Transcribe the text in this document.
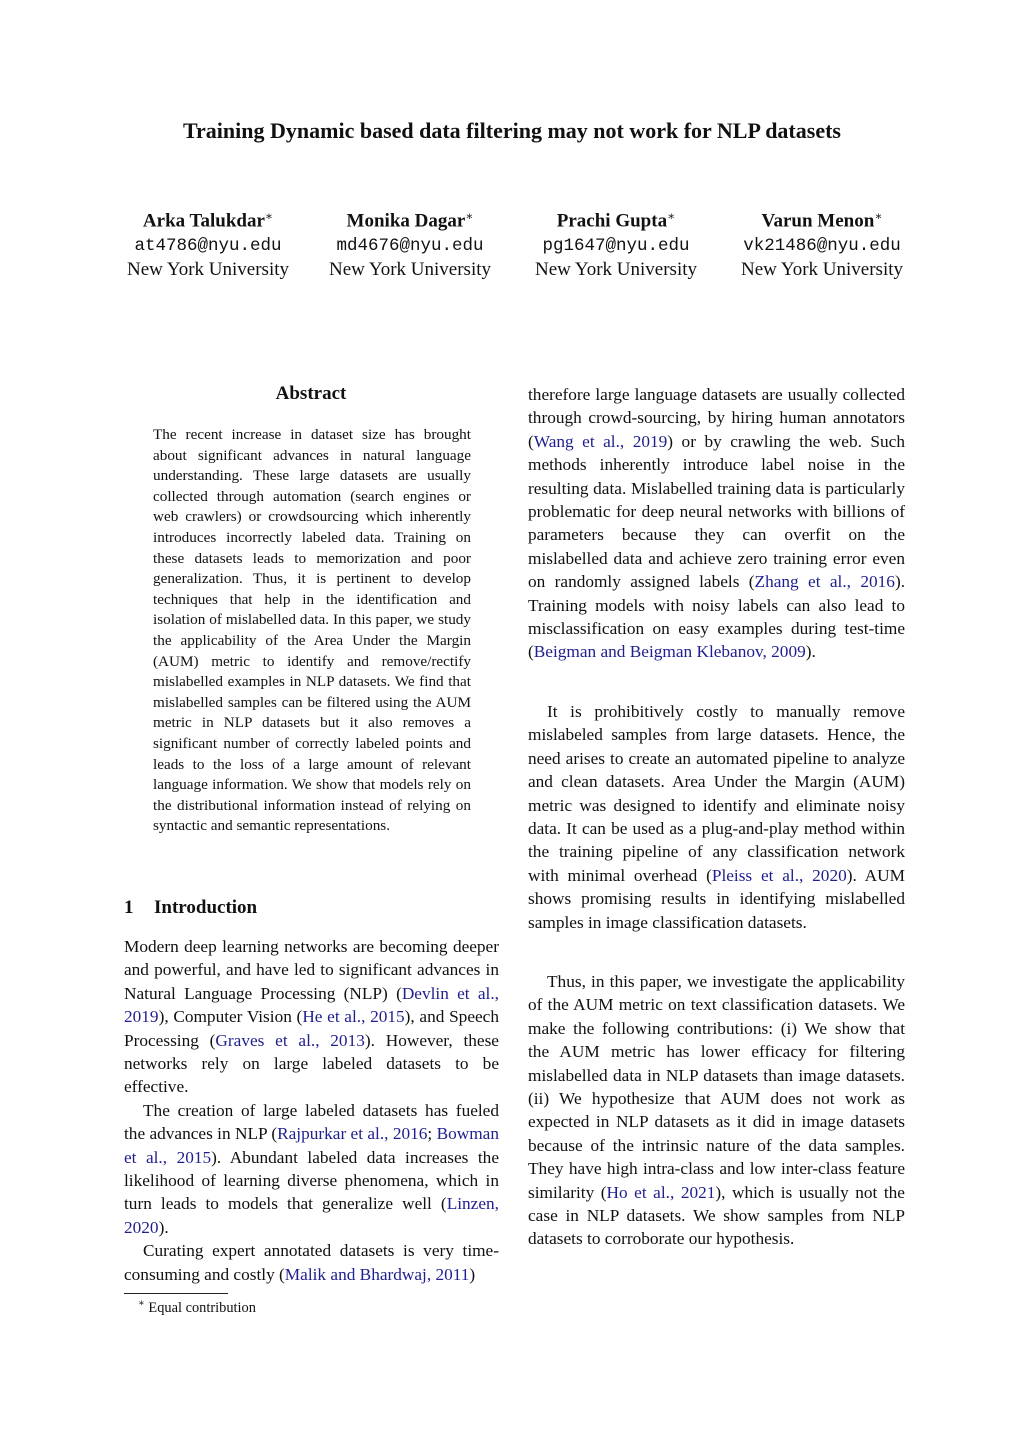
Training Dynamic based data filtering may not work for NLP datasets
Arka Talukdar∗
at4786@nyu.edu
New York University
Monika Dagar∗
md4676@nyu.edu
New York University
Prachi Gupta∗
pg1647@nyu.edu
New York University
Varun Menon∗
vk21486@nyu.edu
New York University
Abstract

The recent increase in dataset size has brought about significant advances in natural language understanding. These large datasets are usually collected through automation (search engines or web crawlers) or crowdsourcing which inherently introduces incorrectly labeled data. Training on these datasets leads to memorization and poor generalization. Thus, it is pertinent to develop techniques that help in the identification and isolation of mislabelled data. In this paper, we study the applicability of the Area Under the Margin (AUM) metric to identify and remove/rectify mislabelled examples in NLP datasets. We find that mislabelled samples can be filtered using the AUM metric in NLP datasets but it also removes a significant number of correctly labeled points and leads to the loss of a large amount of relevant language information. We show that models rely on the distributional information instead of relying on syntactic and semantic representations.

1 Introduction

Modern deep learning networks are becoming deeper and powerful, and have led to significant advances in Natural Language Processing (NLP) (Devlin et al., 2019), Computer Vision (He et al., 2015), and Speech Processing (Graves et al., 2013). However, these networks rely on large labeled datasets to be effective.

The creation of large labeled datasets has fueled the advances in NLP (Rajpurkar et al., 2016; Bowman et al., 2015). Abundant labeled data increases the likelihood of learning diverse phenomena, which in turn leads to models that generalize well (Linzen, 2020).

Curating expert annotated datasets is very time-consuming and costly (Malik and Bhardwaj, 2011)

∗ Equal contribution

therefore large language datasets are usually collected through crowd-sourcing, by hiring human annotators (Wang et al., 2019) or by crawling the web. Such methods inherently introduce label noise in the resulting data. Mislabelled training data is particularly problematic for deep neural networks with billions of parameters because they can overfit on the mislabelled data and achieve zero training error even on randomly assigned labels (Zhang et al., 2016). Training models with noisy labels can also lead to misclassification on easy examples during test-time (Beigman and Beigman Klebanov, 2009).

It is prohibitively costly to manually remove mislabeled samples from large datasets. Hence, the need arises to create an automated pipeline to analyze and clean datasets. Area Under the Margin (AUM) metric was designed to identify and eliminate noisy data. It can be used as a plug-and-play method within the training pipeline of any classification network with minimal overhead (Pleiss et al., 2020). AUM shows promising results in identifying mislabelled samples in image classification datasets.

Thus, in this paper, we investigate the applicability of the AUM metric on text classification datasets. We make the following contributions: (i) We show that the AUM metric has lower efficacy for filtering mislabelled data in NLP datasets than image datasets. (ii) We hypothesize that AUM does not work as expected in NLP datasets as it did in image datasets because of the intrinsic nature of the data samples. They have high intra-class and low inter-class feature similarity (Ho et al., 2021), which is usually not the case in NLP datasets. We show samples from NLP datasets to corroborate our hypothesis.
